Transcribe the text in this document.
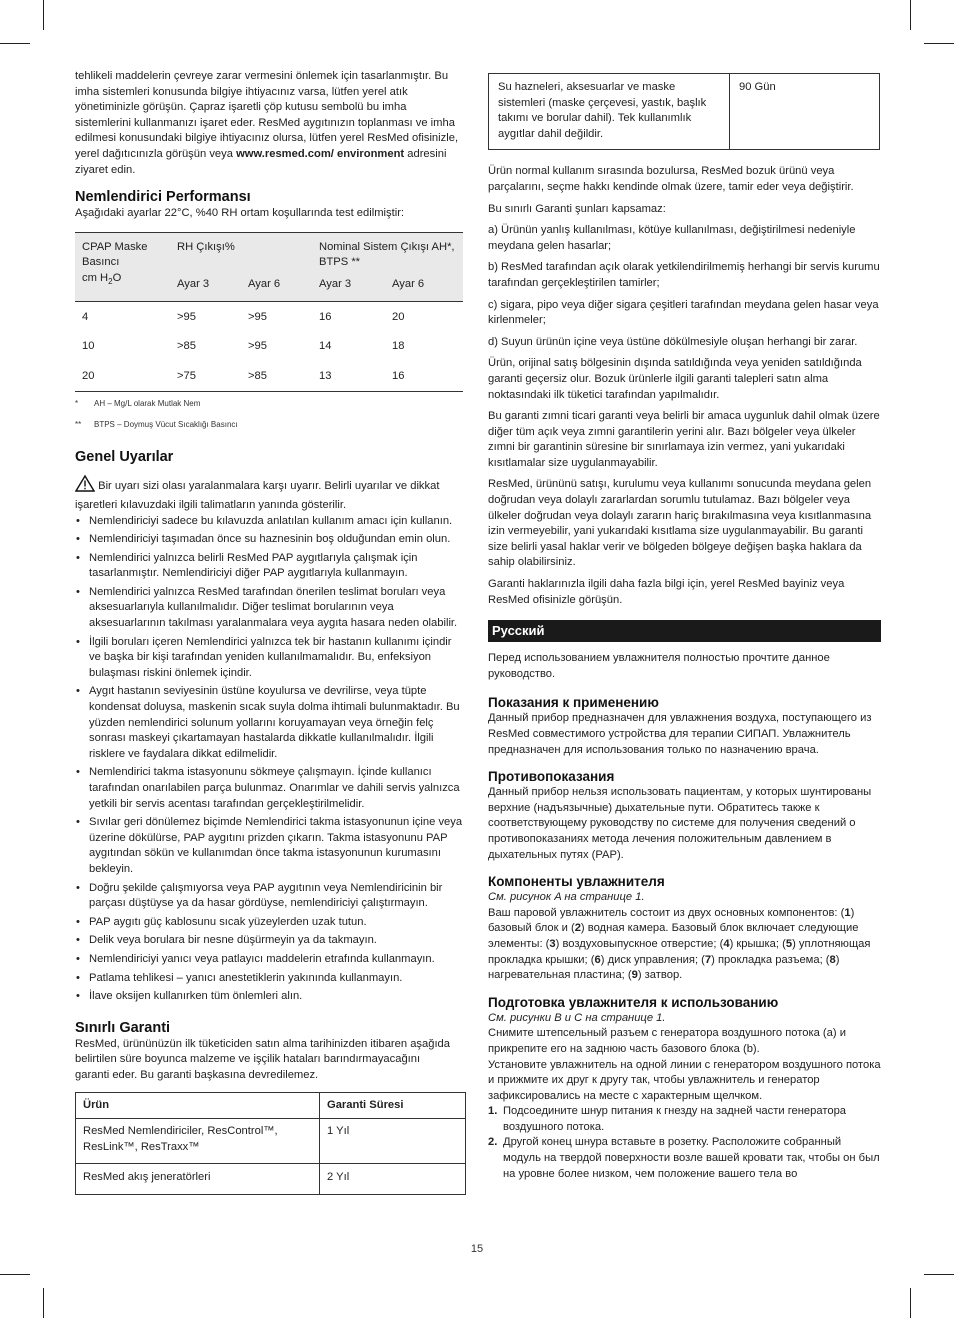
tehlikeli maddelerin çevreye zarar vermesini önlemek için tasarlanmıştır. Bu imha sistemleri konusunda bilgiye ihtiyacınız varsa, lütfen yerel atık yönetiminizle görüşün. Çapraz işaretli çöp kutusu sembolü bu imha sistemlerini kullanmanızı işaret eder. ResMed aygıtınızın toplanması ve imha edilmesi konusundaki bilgiye ihtiyacınız olursa, lütfen yerel ResMed ofisinizle, yerel dağıtıcınızla görüşün veya www.resmed.com/ environment adresini ziyaret edin.

Nemlendirici Performansı

Aşağıdaki ayarlar 22°C, %40 RH ortam koşullarında test edilmiştir:

CPAP Maske Basıncı
cm $H_2O$	RH Çıkışı%		Nominal Sistem Çıkışı AH*, BTPS **	
	Ayar 3	Ayar 6	Ayar 3	Ayar 6
4	>95	>95	16	20
10	>85	>95	14	18
20	>75	>85	13	16
* AH – Mg/L olarak Mutlak Nem
** BTPS – Doymuş Vücut Sıcaklığı Basıncı
Genel Uyarılar

Bir uyarı sizi olası yaralanmalara karşı uyarır. Belirli uyarılar ve dikkat işaretleri kılavuzdaki ilgili talimatların yanında gösterilir.

• Nemlendiriciyi sadece bu kılavuzda anlatılan kullanım amacı için kullanın.
• Nemlendiriciyi taşımadan önce su haznesinin boş olduğundan emin olun.
• Nemlendirici yalnızca belirli ResMed PAP aygıtlarıyla çalışmak için tasarlanmıştır. Nemlendiriciyi diğer PAP aygıtlarıyla kullanmayın.
• Nemlendirici yalnızca ResMed tarafından önerilen teslimat boruları veya aksesuarlarıyla kullanılmalıdır. Diğer teslimat borularının veya aksesuarlarının takılması yaralanmalara veya aygıta hasara neden olabilir.
• İlgili boruları içeren Nemlendirici yalnızca tek bir hastanın kullanımı içindir ve başka bir kişi tarafından yeniden kullanılmamalıdır. Bu, enfeksiyon bulaşması riskini önlemek içindir.
• Aygıt hastanın seviyesinin üstüne koyulursa ve devrilirse, veya tüpte kondensat doluysa, maskenin sıcak suyla dolma ihtimali bulunmaktadır. Bu yüzden nemlendirici solunum yollarını koruyamayan veya örneğin felç sonrası maskeyi çıkartamayan hastalarda dikkatle kullanılmalıdır. İlgili risklere ve faydalara dikkat edilmelidir.
• Nemlendirici takma istasyonunu sökmeye çalışmayın. İçinde kullanıcı tarafından onarılabilen parça bulunmaz. Onarımlar ve dahili servis yalnızca yetkili bir servis acentası tarafından gerçekleştirilmelidir.
• Sıvılar geri dönülemez biçimde Nemlendirici takma istasyonunun içine veya üzerine dökülürse, PAP aygıtını prizden çıkarın. Takma istasyonunu PAP aygıtından sökün ve kullanımdan önce takma istasyonunun kurumasını bekleyin.
• Doğru şekilde çalışmıyorsa veya PAP aygıtının veya Nemlendiricinin bir parçası düştüyse ya da hasar gördüyse, nemlendiriciyi çalıştırmayın.
• PAP aygıtı güç kablosunu sıcak yüzeylerden uzak tutun.
• Delik veya borulara bir nesne düşürmeyin ya da takmayın.
• Nemlendiriciyi yanıcı veya patlayıcı maddelerin etrafında kullanmayın.
• Patlama tehlikesi – yanıcı anestetiklerin yakınında kullanmayın.
• İlave oksijen kullanırken tüm önlemleri alın.
Sınırlı Garanti

ResMed, ürününüzün ilk tüketiciden satın alma tarihinizden itibaren aşağıda belirtilen süre boyunca malzeme ve işçilik hataları barındırmayacağını garanti eder. Bu garanti başkasına devredilemez.

Ürün	Garanti Süresi
ResMed Nemlendiriciler, ResControl™, ResLink™, ResTraxx™	1 Yıl
ResMed akış jeneratörleri	2 Yıl
Su hazneleri, aksesuarlar ve maske sistemleri (maske çerçevesi, yastık, başlık takımı ve borular dahil). Tek kullanımlık aygıtlar dahil değildir.	90 Gün

Ürün normal kullanım sırasında bozulursa, ResMed bozuk ürünü veya parçalarını, seçme hakkı kendinde olmak üzere, tamir eder veya değiştirir.

Bu sınırlı Garanti şunları kapsamaz:

a) Ürünün yanlış kullanılması, kötüye kullanılması, değiştirilmesi nedeniyle meydana gelen hasarlar;

b) ResMed tarafından açık olarak yetkilendirilmemiş herhangi bir servis kurumu tarafından gerçekleştirilen tamirler;

c) sigara, pipo veya diğer sigara çeşitleri tarafından meydana gelen hasar veya kirlenmeler;

d) Suyun ürünün içine veya üstüne dökülmesiyle oluşan herhangi bir zarar.

Ürün, orijinal satış bölgesinin dışında satıldığında veya yeniden satıldığında garanti geçersiz olur. Bozuk ürünlerle ilgili garanti talepleri satın alma noktasındaki ilk tüketici tarafından yapılmalıdır.

Bu garanti zımni ticari garanti veya belirli bir amaca uygunluk dahil olmak üzere diğer tüm açık veya zımni garantilerin yerini alır. Bazı bölgeler veya ülkeler zımni bir garantinin süresine bir sınırlamaya izin vermez, yani yukarıdaki kısıtlamalar size uygulanmayabilir.

ResMed, ürününü satışı, kurulumu veya kullanımı sonucunda meydana gelen doğrudan veya dolaylı zararlardan sorumlu tutulamaz. Bazı bölgeler veya ülkeler doğrudan veya dolaylı zararın hariç bırakılmasına veya kısıtlanmasına izin vermeyebilir, yani yukarıdaki kısıtlama size uygulanmayabilir. Bu garanti size belirli yasal haklar verir ve bölgeden bölgeye değişen başka haklara da sahip olabilirsiniz.

Garanti haklarınızla ilgili daha fazla bilgi için, yerel ResMed bayiniz veya ResMed ofisinizle görüşün.

Русский

Перед использованием увлажнителя полностью прочтите данное руководство.

Показания к применению

Данный прибор предназначен для увлажнения воздуха, поступающего из ResMed совместимого устройства для терапии СИПАП. Увлажнитель предназначен для использования только по назначению врача.

Противопоказания

Данный прибор нельзя использовать пациентам, у которых шунтированы верхние (надъязычные) дыхательные пути. Обратитесь также к соответствующему руководству по системе для получения сведений о противопоказаниях метода лечения положительным давлением в дыхательных путях (PAP).

Компоненты увлажнителя

См. рисунок A на странице 1.

Ваш паровой увлажнитель состоит из двух основных компонентов: (1) базовый блок и (2) водная камера. Базовый блок включает следующие элементы: (3) воздуховыпускное отверстие; (4) крышка; (5) уплотняющая прокладка крышки; (6) диск управления; (7) прокладка разъема; (8) нагревательная пластина; (9) затвор.

Подготовка увлажнителя к использованию

См. рисунки B и C на странице 1.

Снимите штепсельный разъем с генератора воздушного потока (a) и прикрепите его на заднюю часть базового блока (b).

Установите увлажнитель на одной линии с генератором воздушного потока и прижмите их друг к другу так, чтобы увлажнитель и генератор зафиксировались на месте с характерным щелчком.

1. Подсоедините шнур питания к гнезду на задней части генератора воздушного потока.
2. Другой конец шнура вставьте в розетку. Расположите собранный модуль на твердой поверхности возле вашей кровати так, чтобы он был на уровне более низком, чем положение вашего тела во
15
